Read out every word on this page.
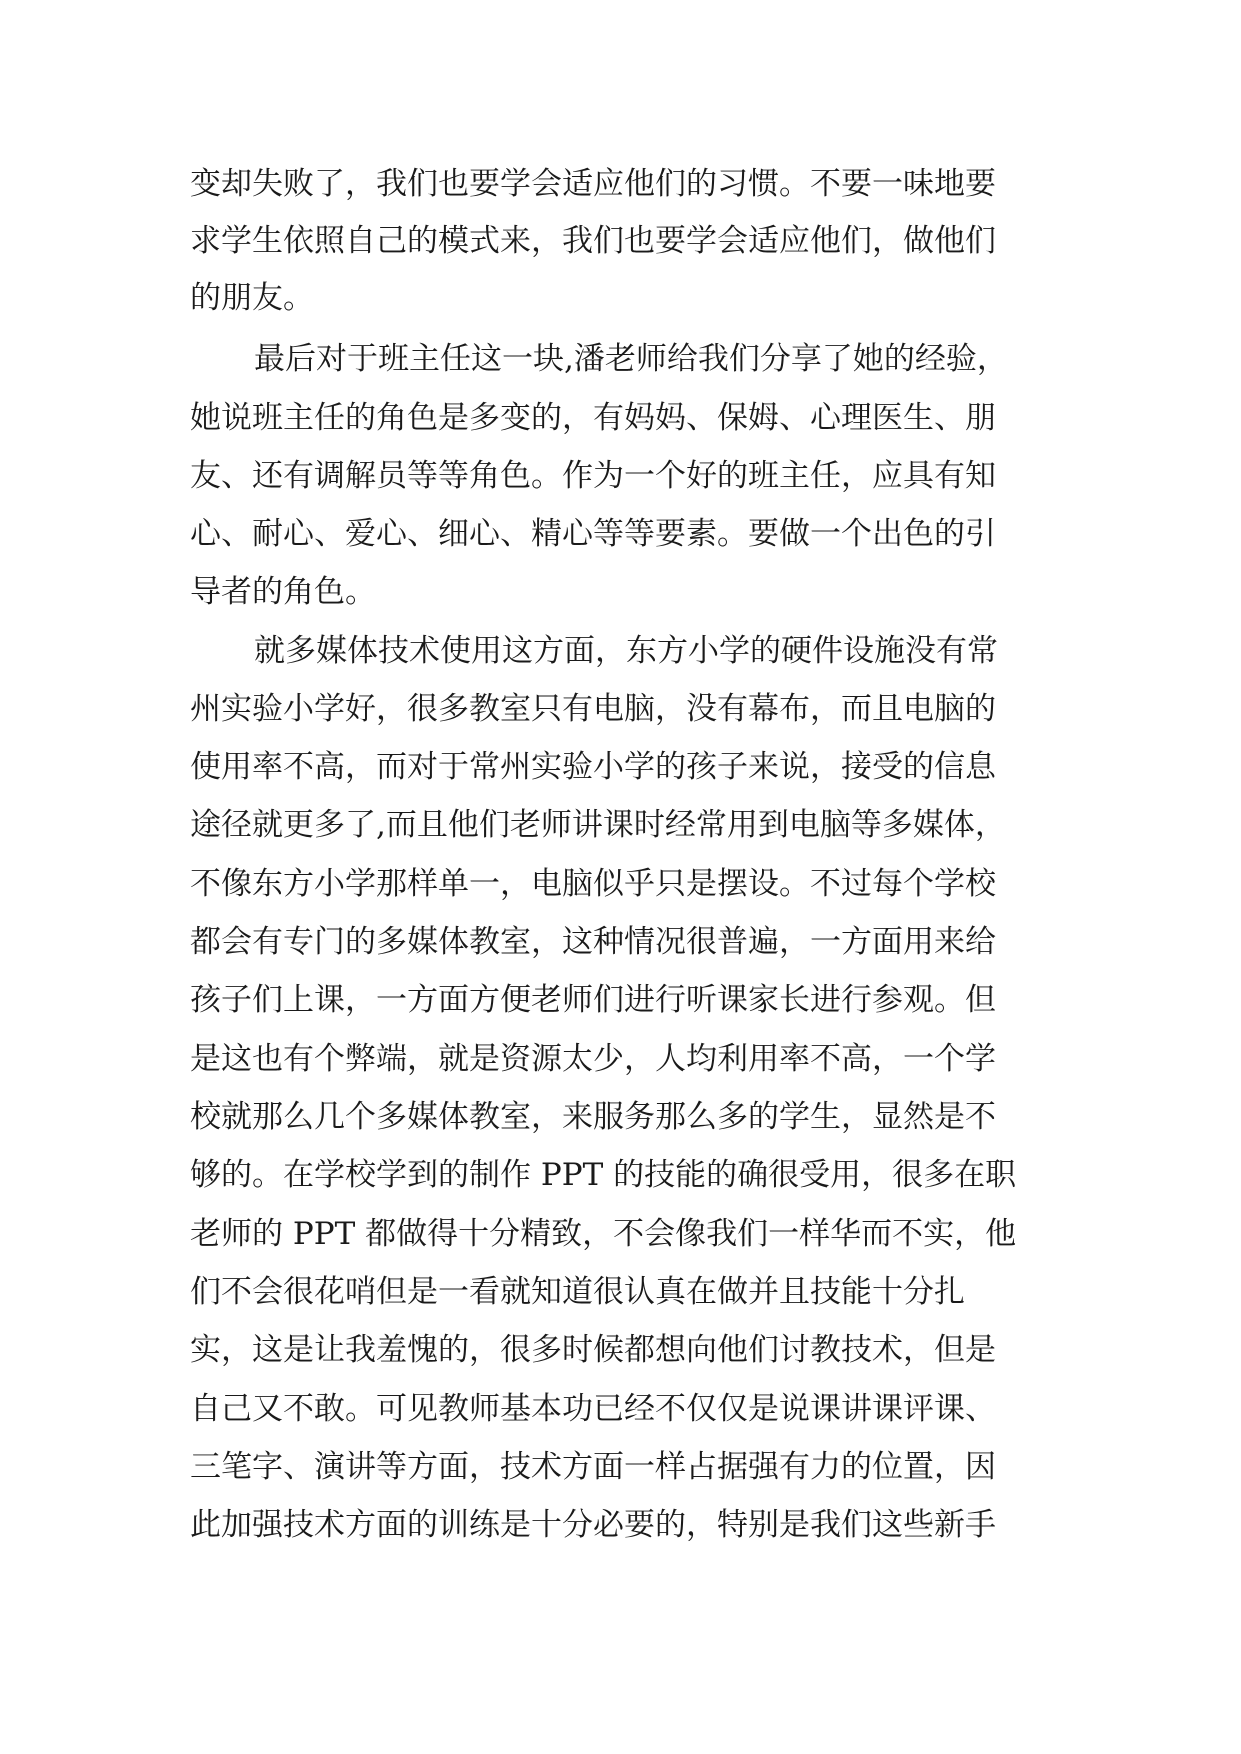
变却失败了，我们也要学会适应他们的习惯。不要一味地要
求学生依照自己的模式来，我们也要学会适应他们，做他们
的朋友。
最后对于班主任这一块,潘老师给我们分享了她的经验，
她说班主任的角色是多变的，有妈妈、保姆、心理医生、朋
友、还有调解员等等角色。作为一个好的班主任，应具有知
心、耐心、爱心、细心、精心等等要素。要做一个出色的引
导者的角色。
就多媒体技术使用这方面，东方小学的硬件设施没有常
州实验小学好，很多教室只有电脑，没有幕布，而且电脑的
使用率不高，而对于常州实验小学的孩子来说，接受的信息
途径就更多了,而且他们老师讲课时经常用到电脑等多媒体，
不像东方小学那样单一，电脑似乎只是摆设。不过每个学校
都会有专门的多媒体教室，这种情况很普遍，一方面用来给
孩子们上课，一方面方便老师们进行听课家长进行参观。但
是这也有个弊端，就是资源太少，人均利用率不高，一个学
校就那么几个多媒体教室，来服务那么多的学生，显然是不
够的。在学校学到的制作 PPT 的技能的确很受用，很多在职
老师的 PPT 都做得十分精致，不会像我们一样华而不实，他
们不会很花哨但是一看就知道很认真在做并且技能十分扎
实，这是让我羞愧的，很多时候都想向他们讨教技术，但是
自己又不敢。可见教师基本功已经不仅仅是说课讲课评课、
三笔字、演讲等方面，技术方面一样占据强有力的位置，因
此加强技术方面的训练是十分必要的，特别是我们这些新手
